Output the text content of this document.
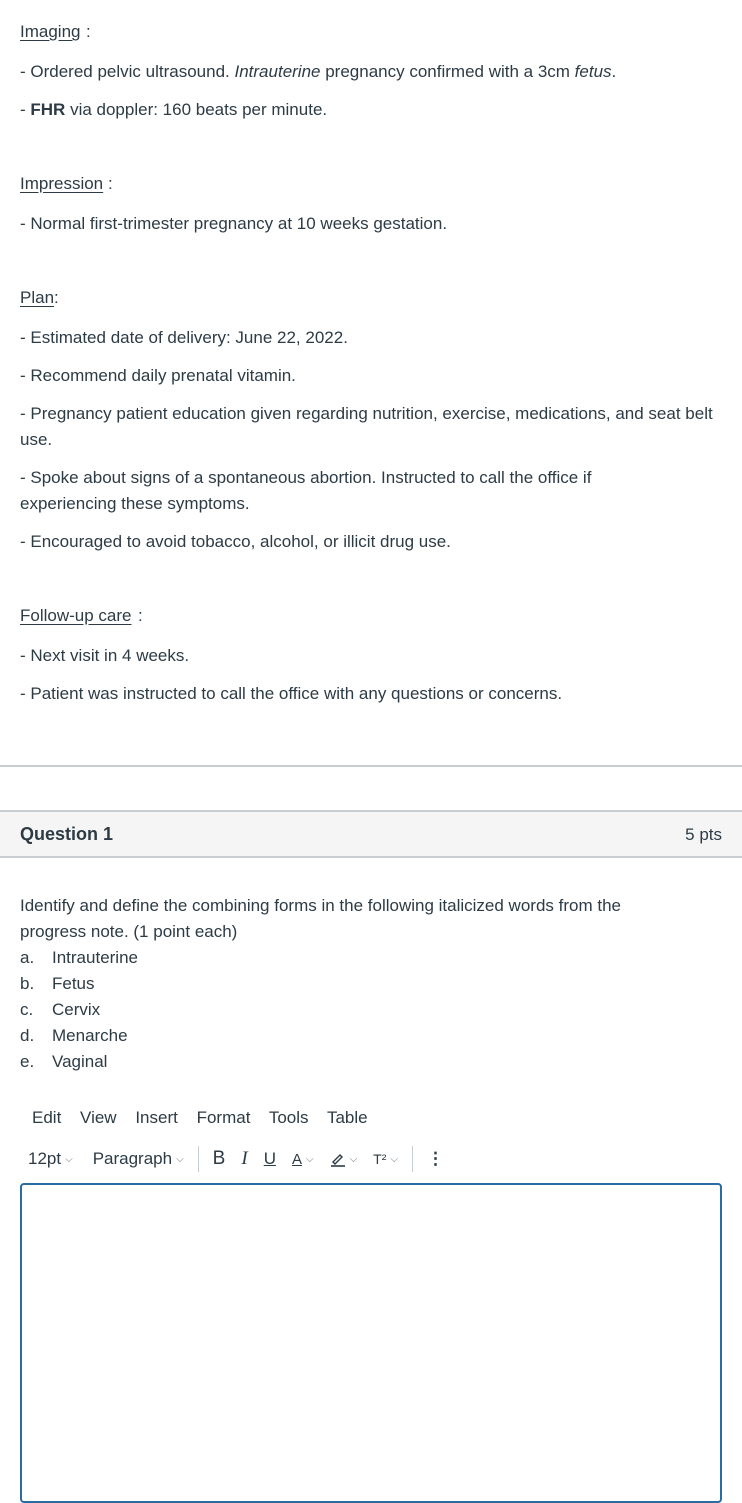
Imaging :
- Ordered pelvic ultrasound. Intrauterine pregnancy confirmed with a 3cm fetus.
- FHR via doppler: 160 beats per minute.
Impression :
- Normal first-trimester pregnancy at 10 weeks gestation.
Plan :
- Estimated date of delivery: June 22, 2022.
- Recommend daily prenatal vitamin.
- Pregnancy patient education given regarding nutrition, exercise, medications, and seat belt use.
- Spoke about signs of a spontaneous abortion. Instructed to call the office if experiencing these symptoms.
- Encouraged to avoid tobacco, alcohol, or illicit drug use.
Follow-up care :
- Next visit in 4 weeks.
- Patient was instructed to call the office with any questions or concerns.
Question 1	5 pts
Identify and define the combining forms in the following italicized words from the progress note. (1 point each)
a. Intrauterine
b. Fetus
c. Cervix
d. Menarche
e. Vaginal
Edit View Insert Format Tools Table
12pt ⌵ Paragraph ⌵ B I U A ⌵	⌵ T² ⌵ ⋮
